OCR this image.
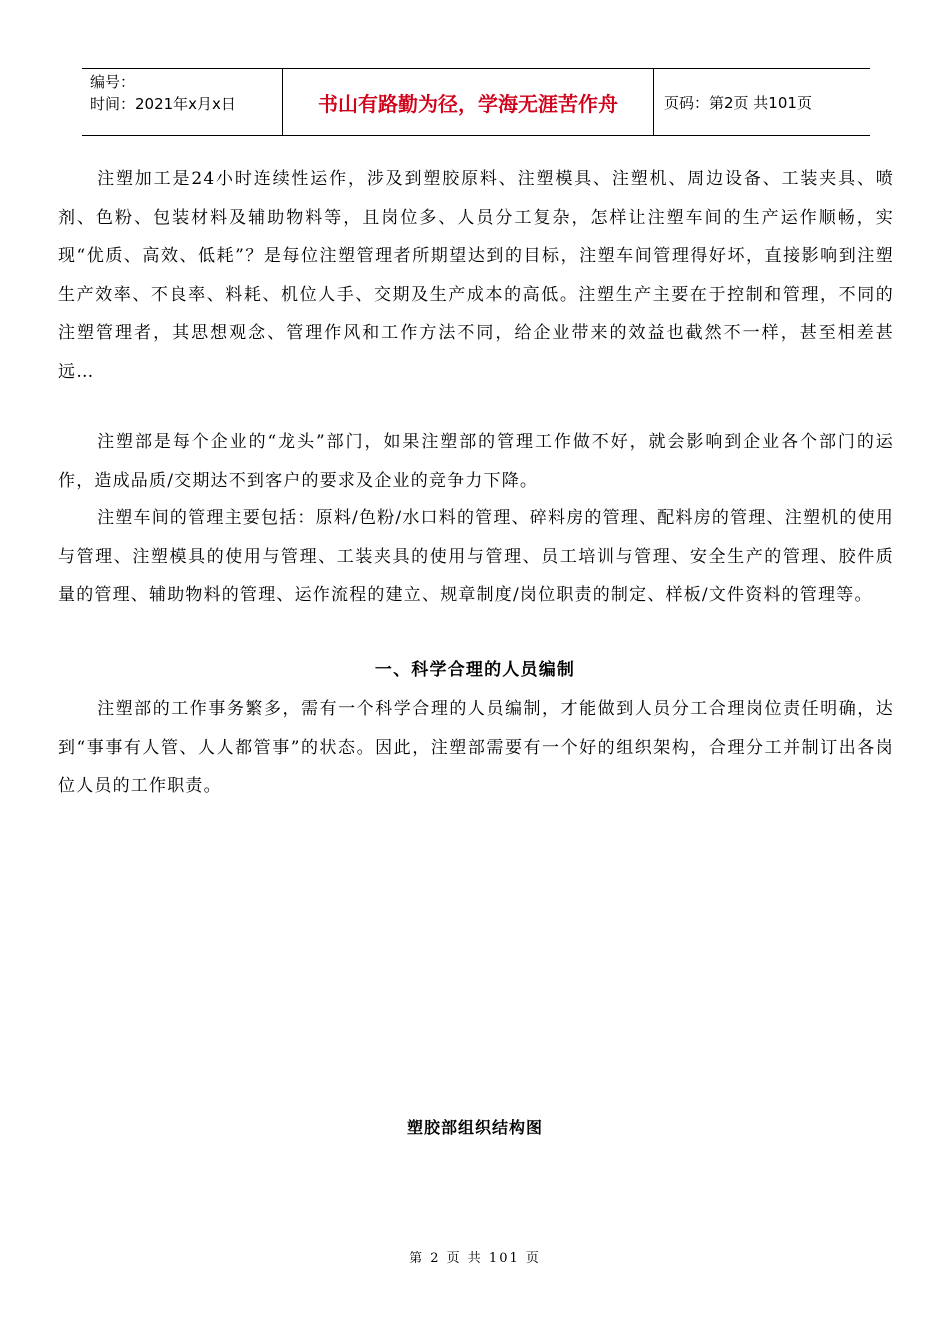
编号：
时间：2021年x月x日	书山有路勤为径，学海无涯苦作舟	页码：第2页 共101页

注塑加工是24小时连续性运作，涉及到塑胶原料、注塑模具、注塑机、周边设备、工装夹具、喷剂、色粉、包装材料及辅助物料等，且岗位多、人员分工复杂，怎样让注塑车间的生产运作顺畅，实现“优质、高效、低耗”？是每位注塑管理者所期望达到的目标，注塑车间管理得好坏，直接影响到注塑生产效率、不良率、料耗、机位人手、交期及生产成本的高低。注塑生产主要在于控制和管理，不同的注塑管理者，其思想观念、管理作风和工作方法不同，给企业带来的效益也截然不一样，甚至相差甚远…

注塑部是每个企业的“龙头”部门，如果注塑部的管理工作做不好，就会影响到企业各个部门的运作，造成品质/交期达不到客户的要求及企业的竞争力下降。

注塑车间的管理主要包括：原料/色粉/水口料的管理、碎料房的管理、配料房的管理、注塑机的使用与管理、注塑模具的使用与管理、工装夹具的使用与管理、员工培训与管理、安全生产的管理、胶件质量的管理、辅助物料的管理、运作流程的建立、规章制度/岗位职责的制定、样板/文件资料的管理等。

一、科学合理的人员编制

注塑部的工作事务繁多，需有一个科学合理的人员编制，才能做到人员分工合理岗位责任明确，达到“事事有人管、人人都管事”的状态。因此，注塑部需要有一个好的组织架构，合理分工并制订出各岗位人员的工作职责。

塑胶部组织结构图
第 2 页 共 101 页
